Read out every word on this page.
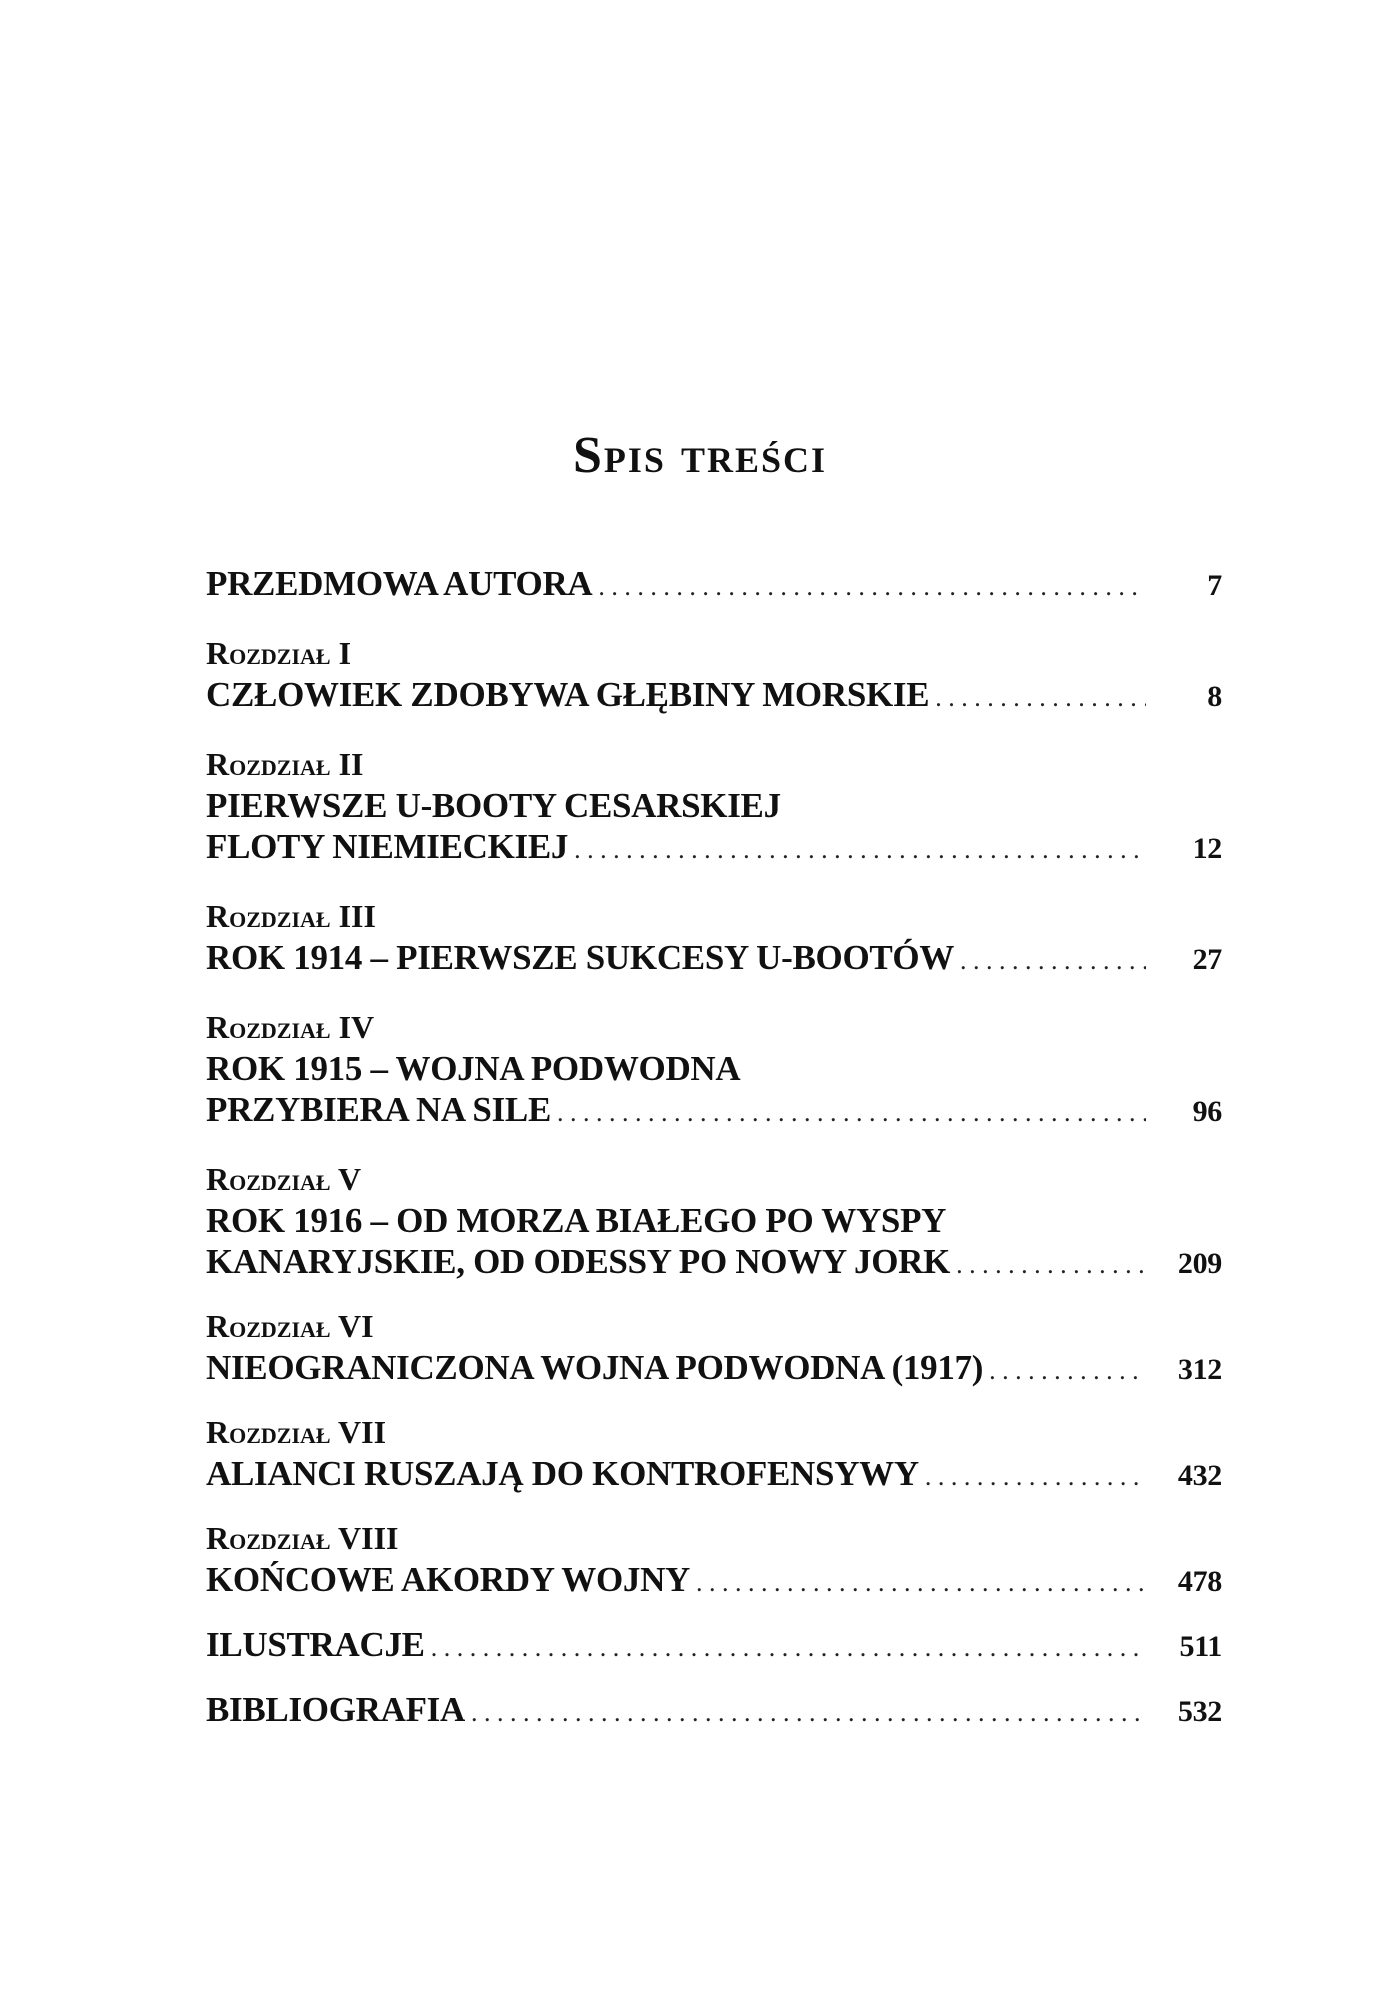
Spis treści
PRZEDMOWA AUTORA . . .	7
Rozdział I
CZŁOWIEK ZDOBYWA GŁĘBINY MORSKIE . . .	8
Rozdział II
PIERWSZE U-BOOTY CESARSKIEJ
FLOTY NIEMIECKIEJ . . .	12
Rozdział III
ROK 1914 – PIERWSZE SUKCESY U-BOOTÓW . . .	27
Rozdział IV
ROK 1915 – WOJNA PODWODNA
PRZYBIERA NA SILE . . .	96
Rozdział V
ROK 1916 – OD MORZA BIAŁEGO PO WYSPY
KANARYJSKIE, OD ODESSY PO NOWY JORK . . .	209
Rozdział VI
NIEOGRANICZONA WOJNA PODWODNA (1917) . . .	312
Rozdział VII
ALIANCI RUSZAJĄ DO KONTROFENSYWY . . .	432
Rozdział VIII
KOŃCOWE AKORDY WOJNY . . .	478
ILUSTRACJE . . .	511
BIBLIOGRAFIA . . .	532
